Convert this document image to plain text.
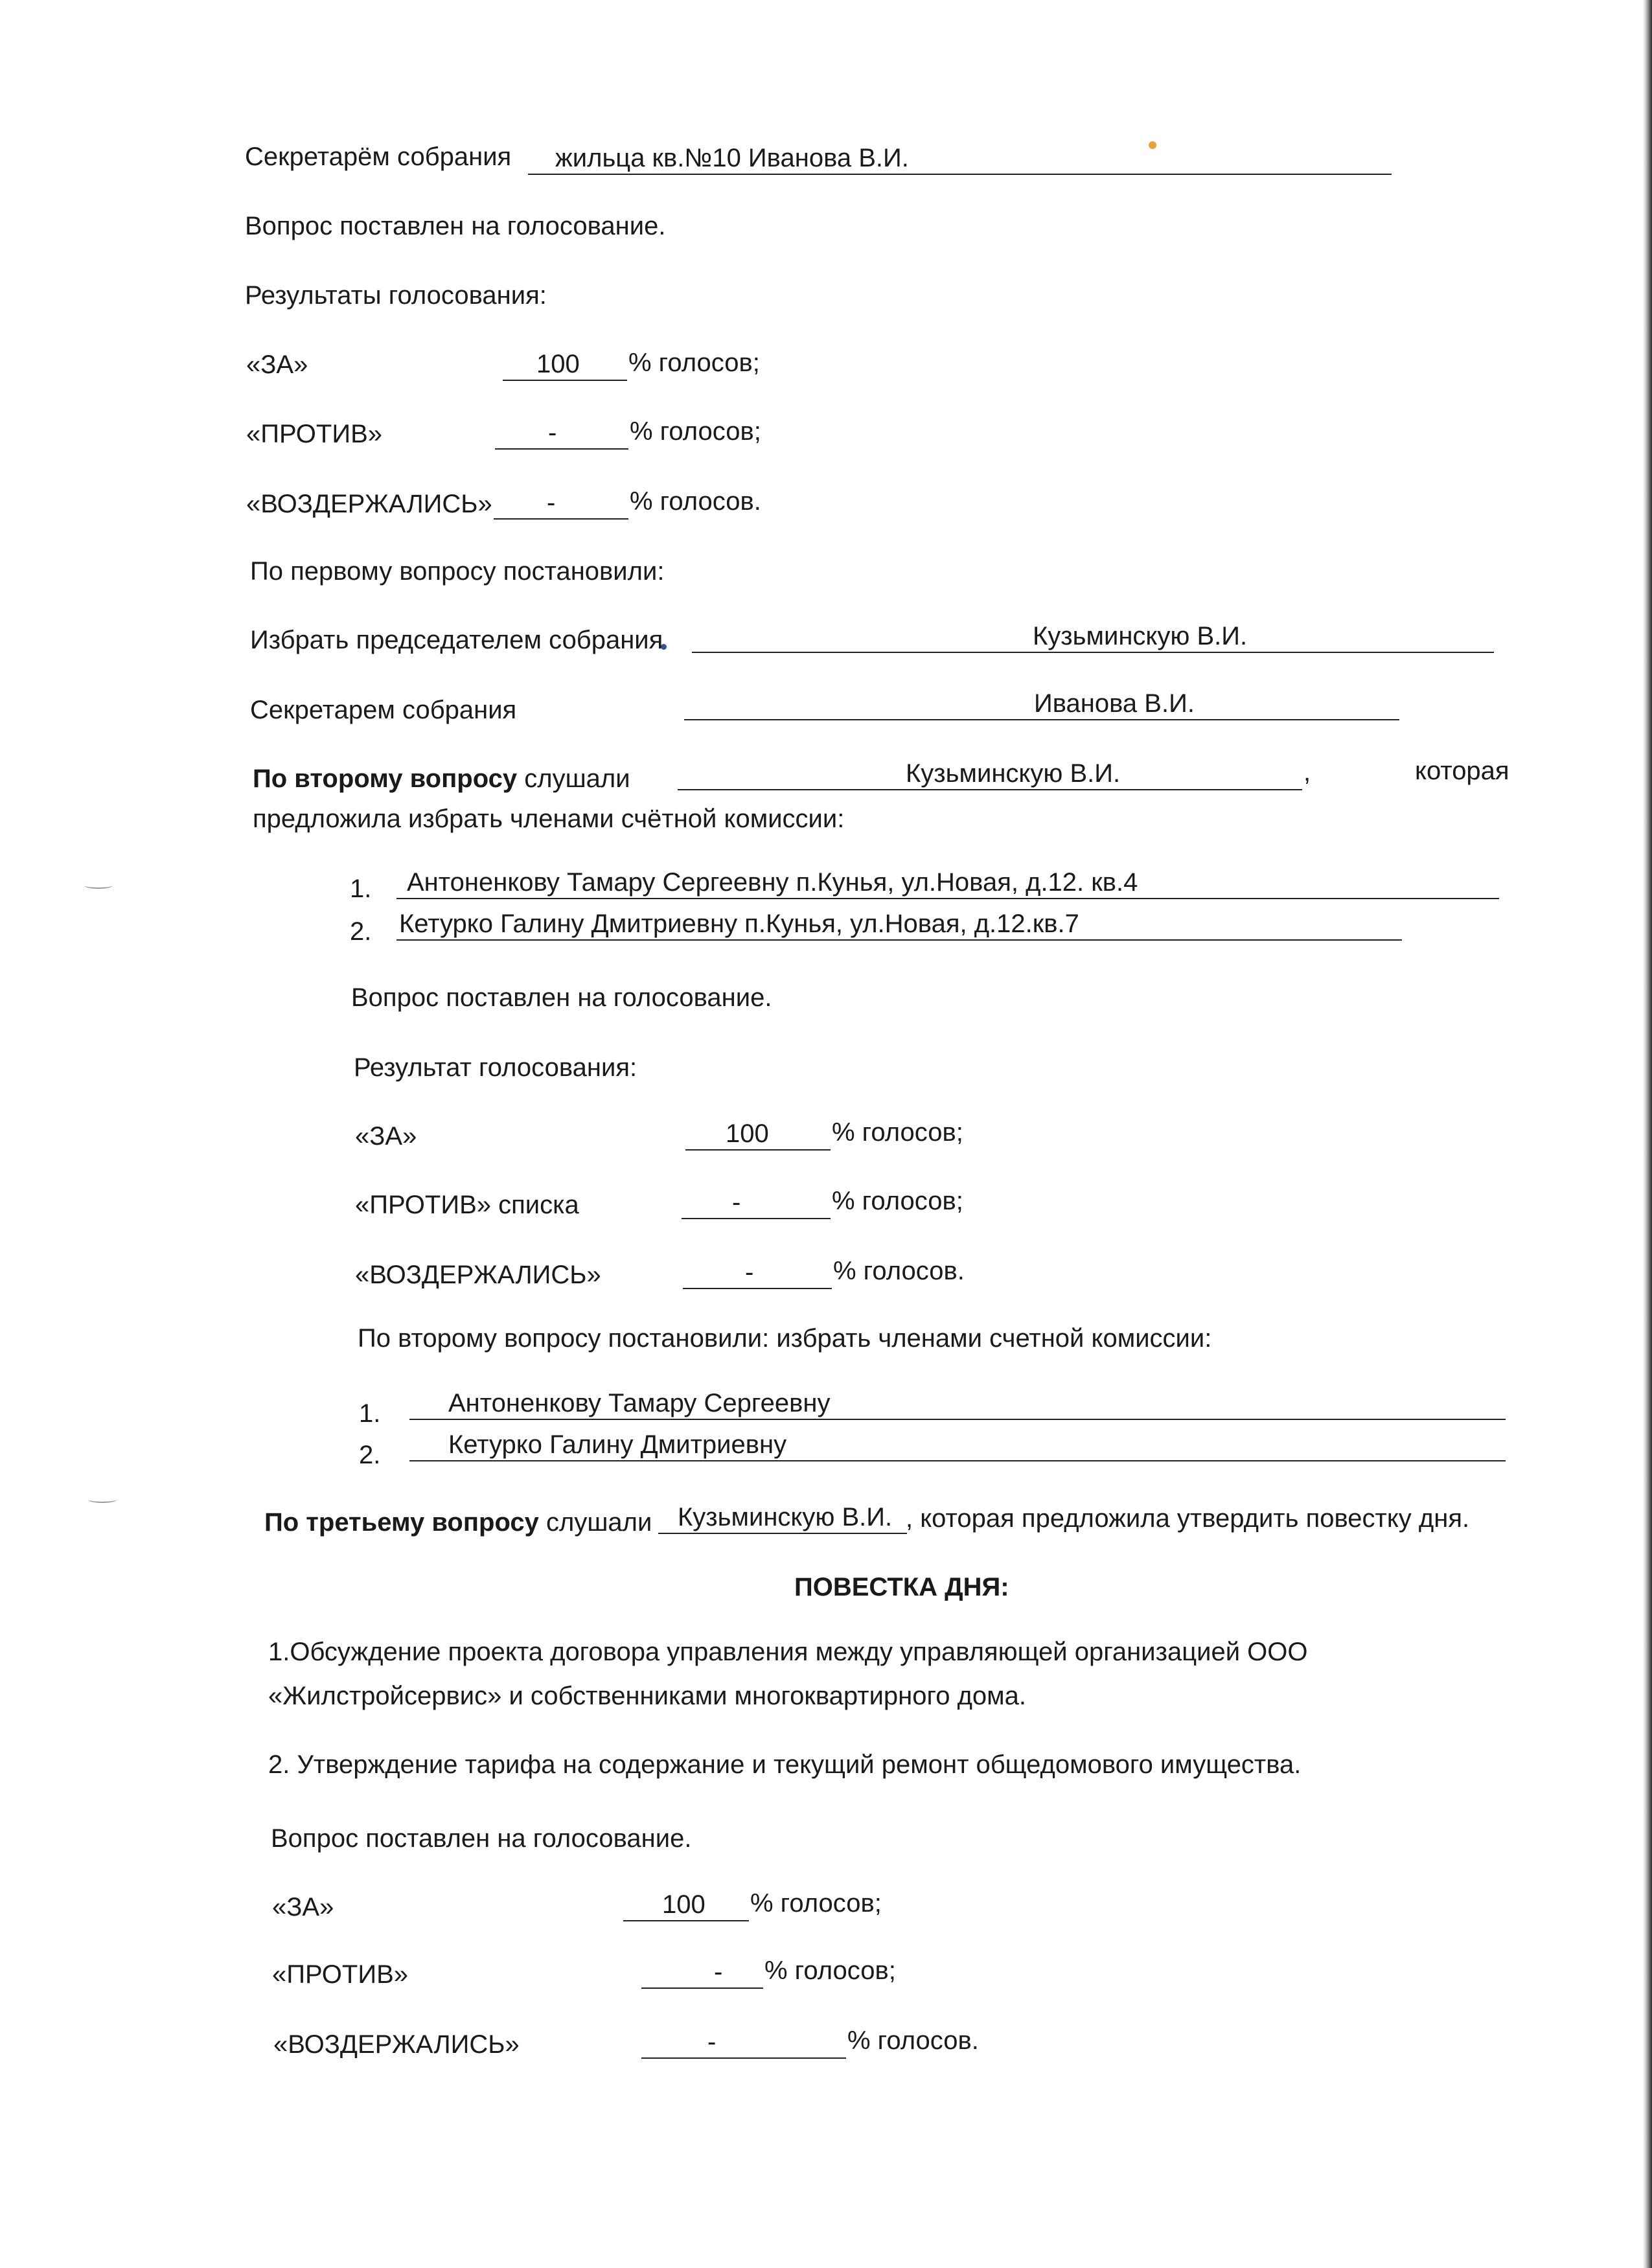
Секретарём собрания жильца кв.№10 Иванова В.И.
Вопрос поставлен на голосование.
Результаты голосования:
«ЗА»	100 % голосов;
«ПРОТИВ»	-	% голосов;
«ВОЗДЕРЖАЛИСЬ» -	% голосов.
По первому вопросу постановили:
Избрать председателем собрания	Кузьминскую В.И.
Секретарем собрания	Иванова В.И.
По второму вопросу слушали	Кузьминскую В.И.	,	которая
предложила избрать членами счётной комиссии:
1. Антоненкову Тамару Сергеевну п.Кунья, ул.Новая, д.12. кв.4
2. Кетурко Галину Дмитриевну п.Кунья, ул.Новая, д.12.кв.7
Вопрос поставлен на голосование.
Результат голосования:
«ЗА»	100 % голосов;
«ПРОТИВ» списка	-	% голосов;
«ВОЗДЕРЖАЛИСЬ»	-	% голосов.
По второму вопросу постановили: избрать членами счетной комиссии:
1.	Антоненкову Тамару Сергеевну
2.	Кетурко Галину Дмитриевну
По третьему вопросу слушали Кузьминскую В.И. , которая предложила утвердить повестку дня.
ПОВЕСТКА ДНЯ:
1.Обсуждение проекта договора управления между управляющей организацией ООО
«Жилстройсервис» и собственниками многоквартирного дома.
2. Утверждение тарифа на содержание и текущий ремонт общедомового имущества.
Вопрос поставлен на голосование.
«ЗА»	100 % голосов;
«ПРОТИВ»	- % голосов;
«ВОЗДЕРЖАЛИСЬ»	-	% голосов.
